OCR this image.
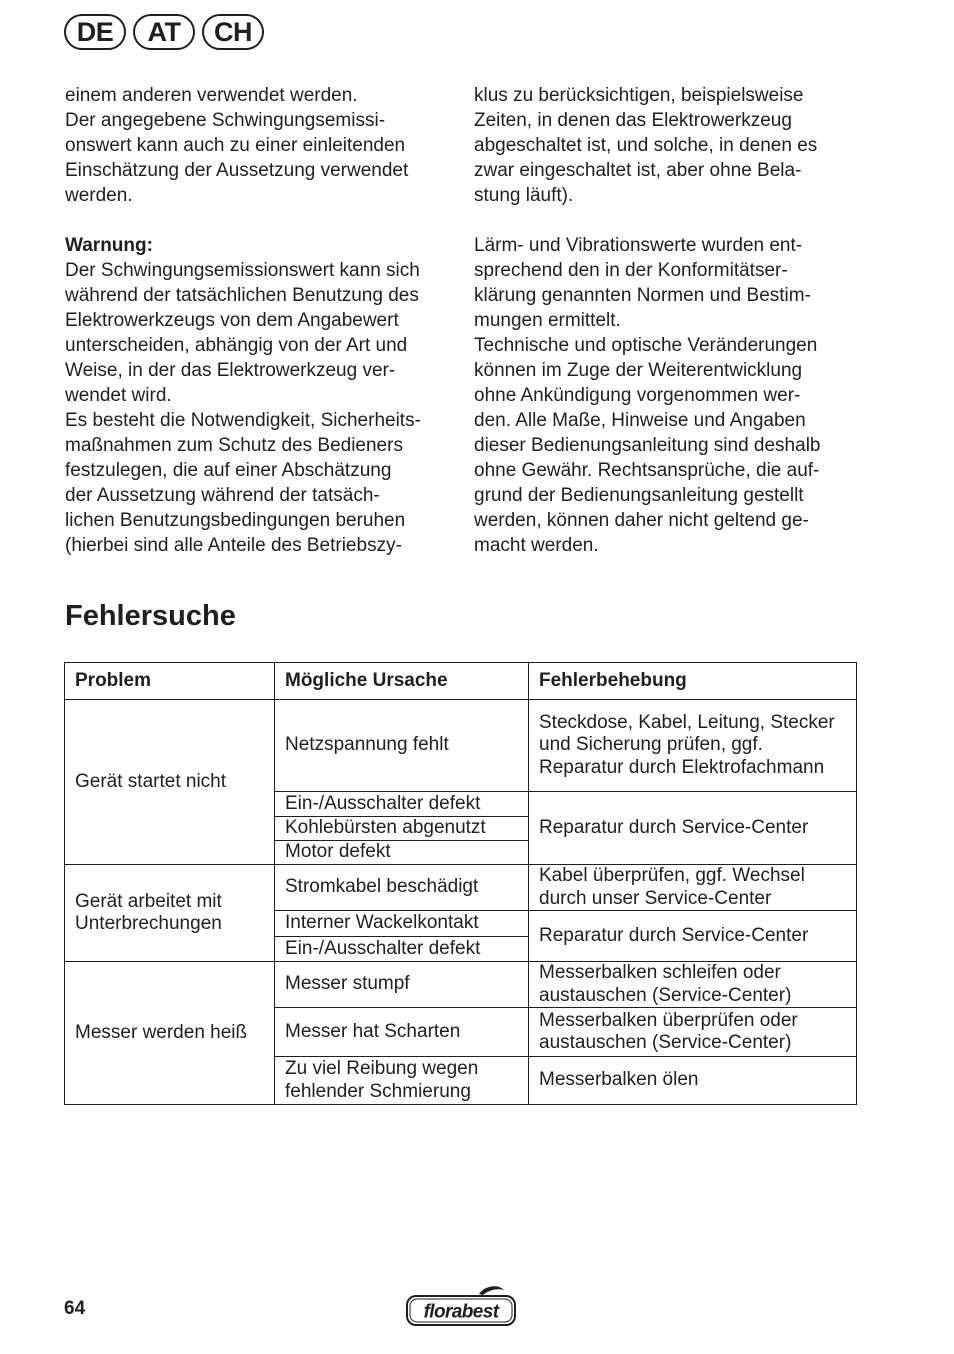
DE	AT	CH

einem anderen verwendet werden.

Der angegebene Schwingungsemissi-

onswert kann auch zu einer einleitenden

Einschätzung der Aussetzung verwendet

werden.

Warnung:

Der Schwingungsemissionswert kann sich

während der tatsächlichen Benutzung des

Elektrowerkzeugs von dem Angabewert

unterscheiden, abhängig von der Art und

Weise, in der das Elektrowerkzeug ver-

wendet wird.

Es besteht die Notwendigkeit, Sicherheits-

maßnahmen zum Schutz des Bedieners

festzulegen, die auf einer Abschätzung

der Aussetzung während der tatsäch-

lichen Benutzungsbedingungen beruhen

(hierbei sind alle Anteile des Betriebszy-

klus zu berücksichtigen, beispielsweise

Zeiten, in denen das Elektrowerkzeug

abgeschaltet ist, und solche, in denen es

zwar eingeschaltet ist, aber ohne Bela-

stung läuft).

Lärm- und Vibrationswerte wurden ent-

sprechend den in der Konformitätser-

klärung genannten Normen und Bestim-

mungen ermittelt.

Technische und optische Veränderungen

können im Zuge der Weiterentwicklung

ohne Ankündigung vorgenommen wer-

den. Alle Maße, Hinweise und Angaben

dieser Bedienungsanleitung sind deshalb

ohne Gewähr. Rechtsansprüche, die auf-

grund der Bedienungsanleitung gestellt

werden, können daher nicht geltend ge-

macht werden.

Fehlersuche
Problem	Mögliche Ursache	Fehlerbehebung
Gerät startet nicht	Netzspannung fehlt	Steckdose, Kabel, Leitung, Stecker und Sicherung prüfen, ggf. Reparatur durch Elektrofachmann
	Ein-/Ausschalter defekt	Reparatur durch Service-Center
	Kohlebürsten abgenutzt	
	Motor defekt	
Gerät arbeitet mit Unterbrechungen	Stromkabel beschädigt	Kabel überprüfen, ggf. Wechsel durch unser Service-Center
	Interner Wackelkontakt	Reparatur durch Service-Center
	Ein-/Ausschalter defekt	
Messer werden heiß	Messer stumpf	Messerbalken schleifen oder austauschen (Service-Center)
	Messer hat Scharten	Messerbalken überprüfen oder austauschen (Service-Center)
	Zu viel Reibung wegen fehlender Schmierung	Messerbalken ölen
64	florabest
